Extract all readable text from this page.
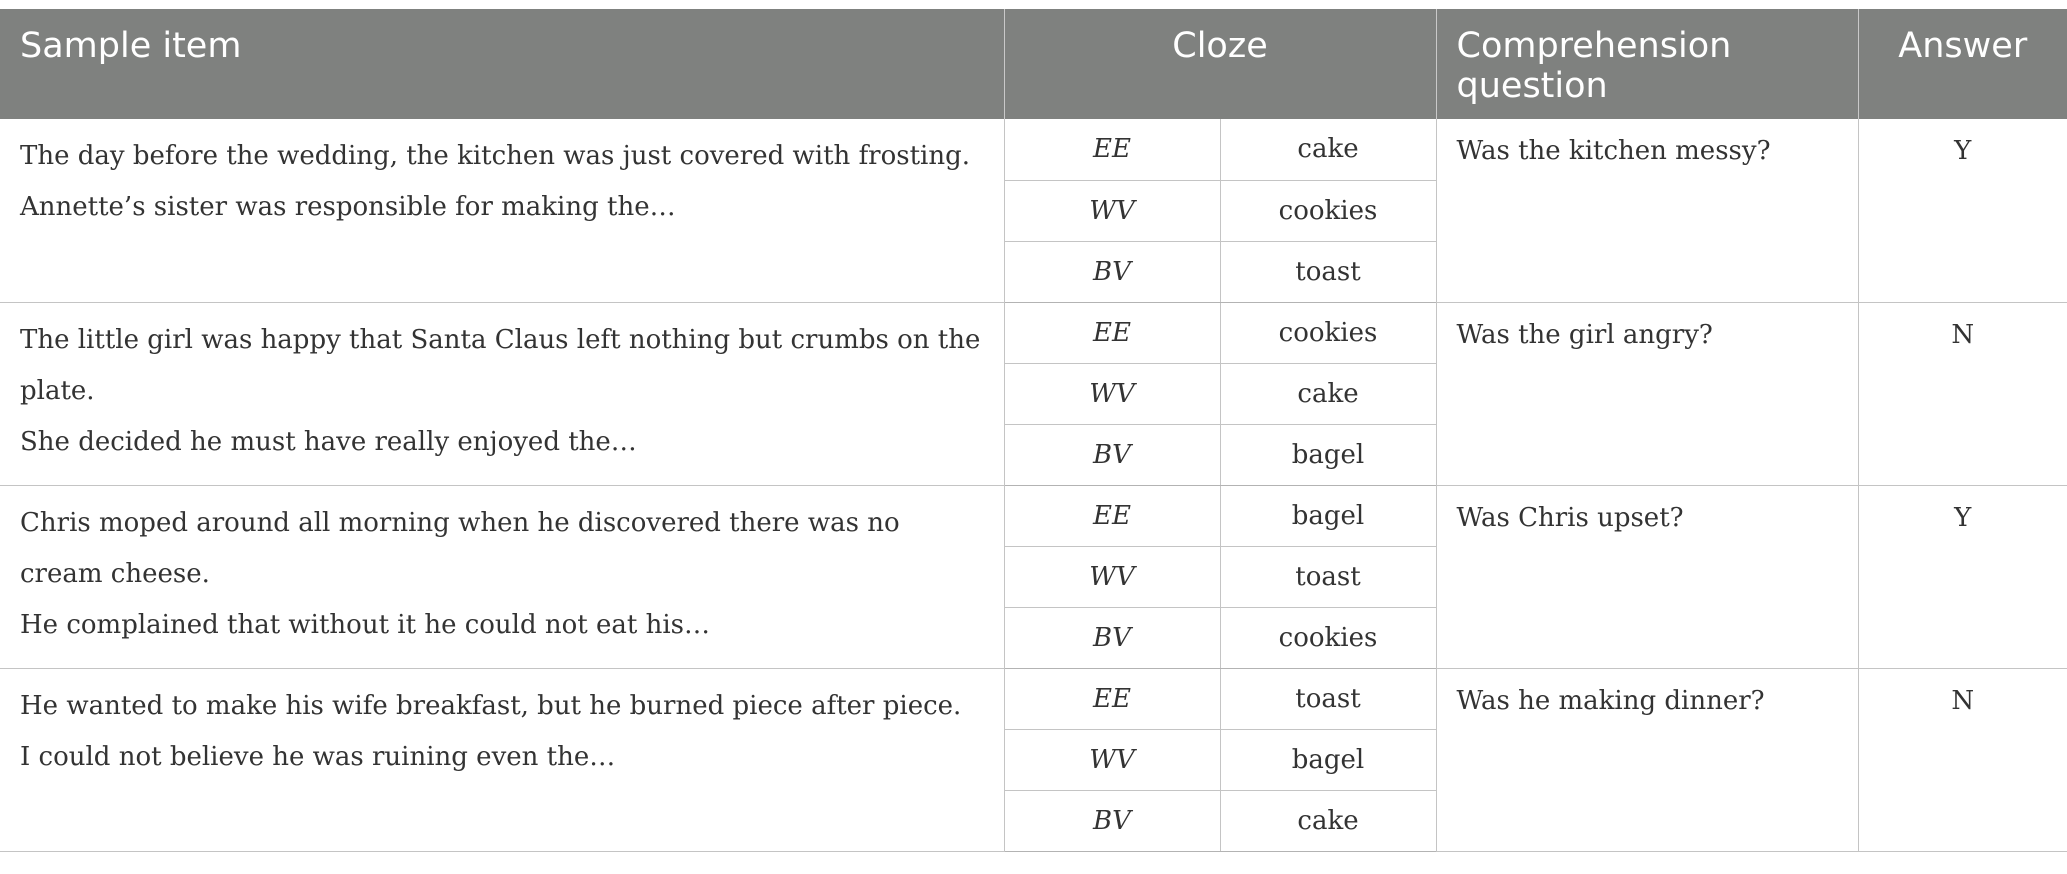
Sample item	Cloze		Comprehension question	Answer

The day before the wedding, the kitchen was just covered with frosting.
Annette’s sister was responsible for making the…	EE	cake	Was the kitchen messy?	Y
	WV	cookies		
	BV	toast		

The little girl was happy that Santa Claus left nothing but crumbs on the plate.
She decided he must have really enjoyed the…	EE	cookies	Was the girl angry?	N
	WV	cake		
	BV	bagel		

Chris moped around all morning when he discovered there was no cream cheese.
He complained that without it he could not eat his…	EE	bagel	Was Chris upset?	Y
	WV	toast		
	BV	cookies		

He wanted to make his wife breakfast, but he burned piece after piece.
I could not believe he was ruining even the…	EE	toast	Was he making dinner?	N
	WV	bagel		
	BV	cake		
